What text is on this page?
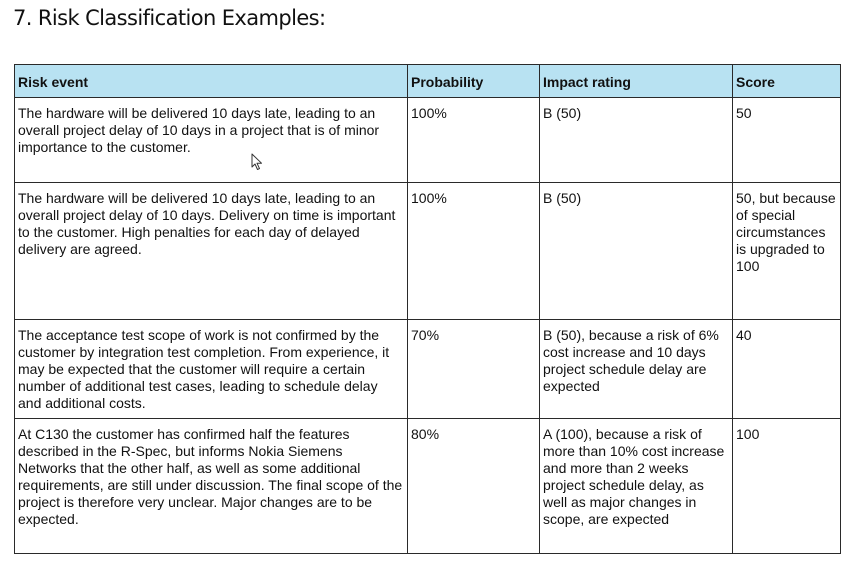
7. Risk Classification Examples:
Risk event	Probability	Impact rating	Score
The hardware will be delivered 10 days late, leading to an overall project delay of 10 days in a project that is of minor importance to the customer.	100%	B (50)	50
The hardware will be delivered 10 days late, leading to an overall project delay of 10 days. Delivery on time is important to the customer. High penalties for each day of delayed delivery are agreed.	100%	B (50)	50, but because of special circumstances is upgraded to 100
The acceptance test scope of work is not confirmed by the customer by integration test completion. From experience, it may be expected that the customer will require a certain number of additional test cases, leading to schedule delay and additional costs.	70%	B (50), because a risk of 6% cost increase and 10 days project schedule delay are expected	40
At C130 the customer has confirmed half the features described in the R-Spec, but informs Nokia Siemens Networks that the other half, as well as some additional requirements, are still under discussion. The final scope of the project is therefore very unclear. Major changes are to be expected.	80%	A (100), because a risk of more than 10% cost increase and more than 2 weeks project schedule delay, as well as major changes in scope, are expected	100
